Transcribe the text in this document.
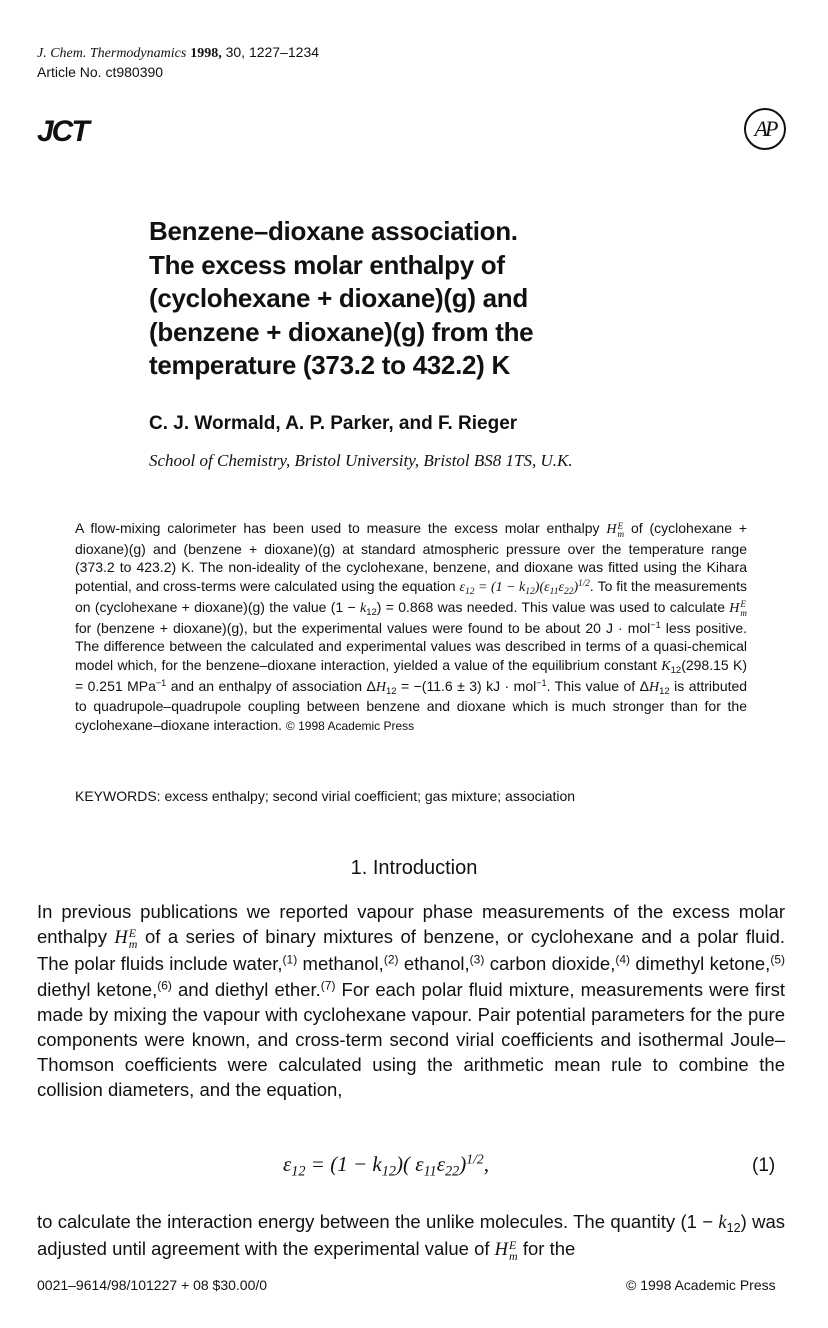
J. Chem. Thermodynamics 1998, 30, 1227–1234
Article No. ct980390
JCT	AP
Benzene–dioxane association.
The excess molar enthalpy of
(cyclohexane + dioxane)(g) and
(benzene + dioxane)(g) from the
temperature (373.2 to 432.2) K
C. J. Wormald, A. P. Parker, and F. Rieger
School of Chemistry, Bristol University, Bristol BS8 1TS, U.K.
A flow-mixing calorimeter has been used to measure the excess molar enthalpy H E
m of (cyclohexane + dioxane)(g) and (benzene + dioxane)(g) at standard atmospheric pressure over the temperature range (373.2 to 423.2) K. The non-ideality of the cyclohexane, benzene, and dioxane was fitted using the Kihara potential, and cross-terms were calculated using the equation $\varepsilon_{12} = (1 - k_{12})(\varepsilon_{11}\varepsilon_{22})^{1/2}$. To fit the measurements on (cyclohexane + dioxane)(g) the value $(1 - k_{12}) = 0.868$ was needed. This value was used to calculate H E
m
for (benzene + dioxane)(g), but the experimental values were found to be about 20 J · mol$^{-1}$ less positive. The difference between the calculated and experimental values was described in terms of a quasi-chemical model which, for the benzene–dioxane interaction, yielded a value of the equilibrium constant $K_{12}(298.15$ K) = 0.251 MPa$^{-1}$ and an enthalpy of association $\Delta H_{12} = -(11.6 \pm 3)$ kJ · mol$^{-1}$. This value of $\Delta H_{12}$ is attributed to quadrupole–quadrupole coupling between benzene and dioxane which is much stronger than for the cyclohexane–dioxane interaction. © 1998 Academic Press
KEYWORDS: excess enthalpy; second virial coefficient; gas mixture; association
1. Introduction
In previous publications we reported vapour phase measurements of the excess molar enthalpy H E
m of a series of binary mixtures of benzene, or cyclohexane and a polar fluid. The polar fluids include water,$^{(1)}$ methanol,$^{(2)}$ ethanol,$^{(3)}$ carbon dioxide,$^{(4)}$ dimethyl ketone,$^{(5)}$ diethyl ketone,$^{(6)}$ and diethyl ether.$^{(7)}$ For each polar fluid mixture, measurements were first made by mixing the vapour with cyclohexane vapour. Pair potential parameters for the pure components were known, and cross-term second virial coefficients and isothermal Joule–Thomson coefficients were calculated using the arithmetic mean rule to combine the collision diameters, and the equation,
$\varepsilon_{12} = (1 - k_{12})$( $\varepsilon_{11}\varepsilon_{22})^{1/2}$,	(1)
to calculate the interaction energy between the unlike molecules. The quantity $(1 - k_{12})$ was adjusted until agreement with the experimental value of H E
m for the
0021–9614/98/101227 + 08 $30.00/0	© 1998 Academic Press
